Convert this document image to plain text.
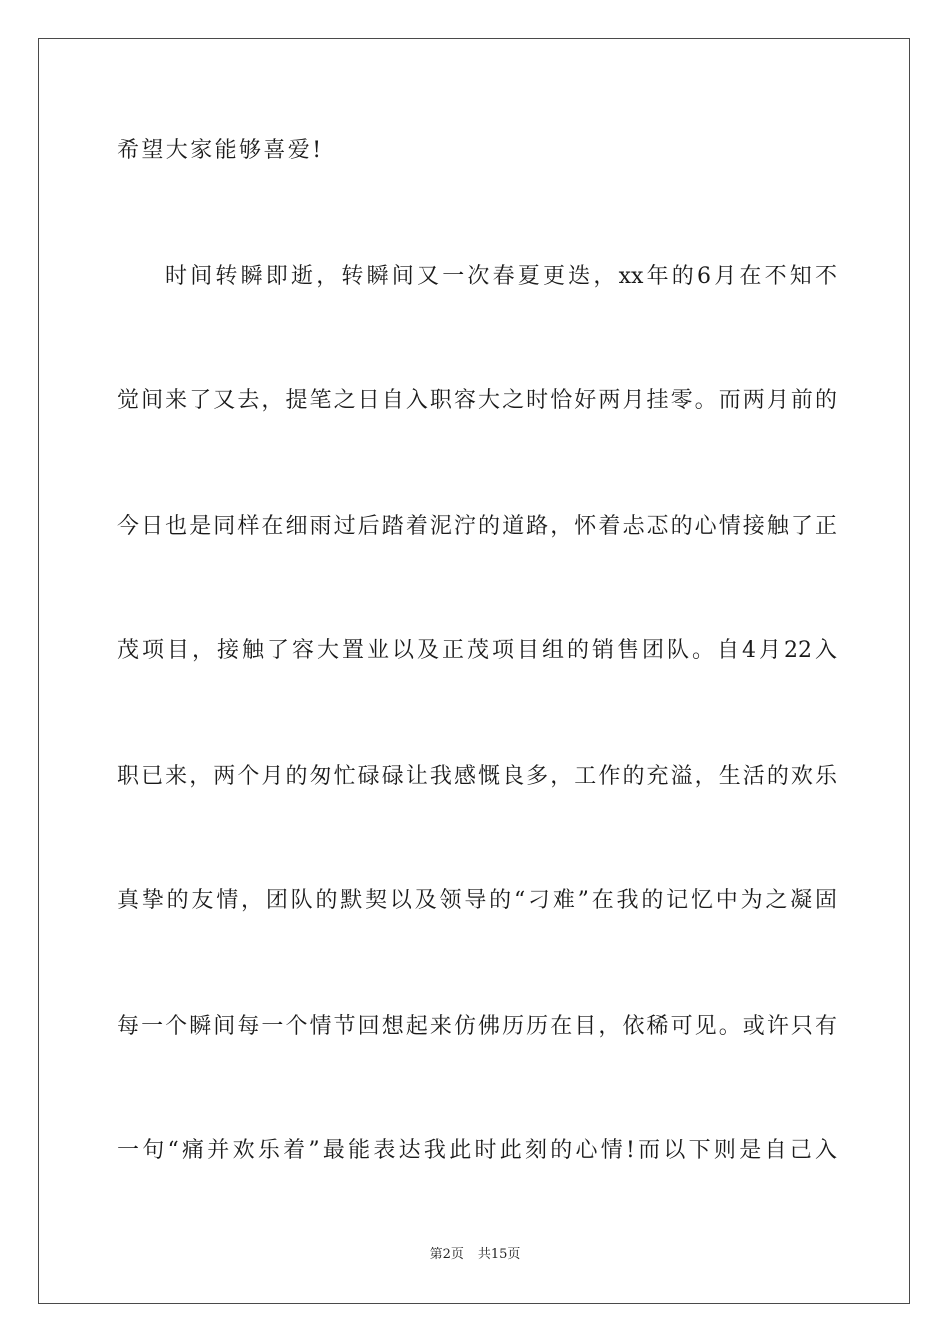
希望大家能够喜爱!
时间转瞬即逝，转瞬间又一次春夏更迭，xx年的6月在不知不
觉间来了又去，提笔之日自入职容大之时恰好两月挂零。而两月前的
今日也是同样在细雨过后踏着泥泞的道路，怀着忐忑的心情接触了正
茂项目，接触了容大置业以及正茂项目组的销售团队。自4月22入
职已来，两个月的匆忙碌碌让我感慨良多，工作的充溢，生活的欢乐
真挚的友情，团队的默契以及领导的“刁难”在我的记忆中为之凝固
每一个瞬间每一个情节回想起来仿佛历历在目，依稀可见。或许只有
一句“痛并欢乐着”最能表达我此时此刻的心情!而以下则是自己入
第2页 共15页
